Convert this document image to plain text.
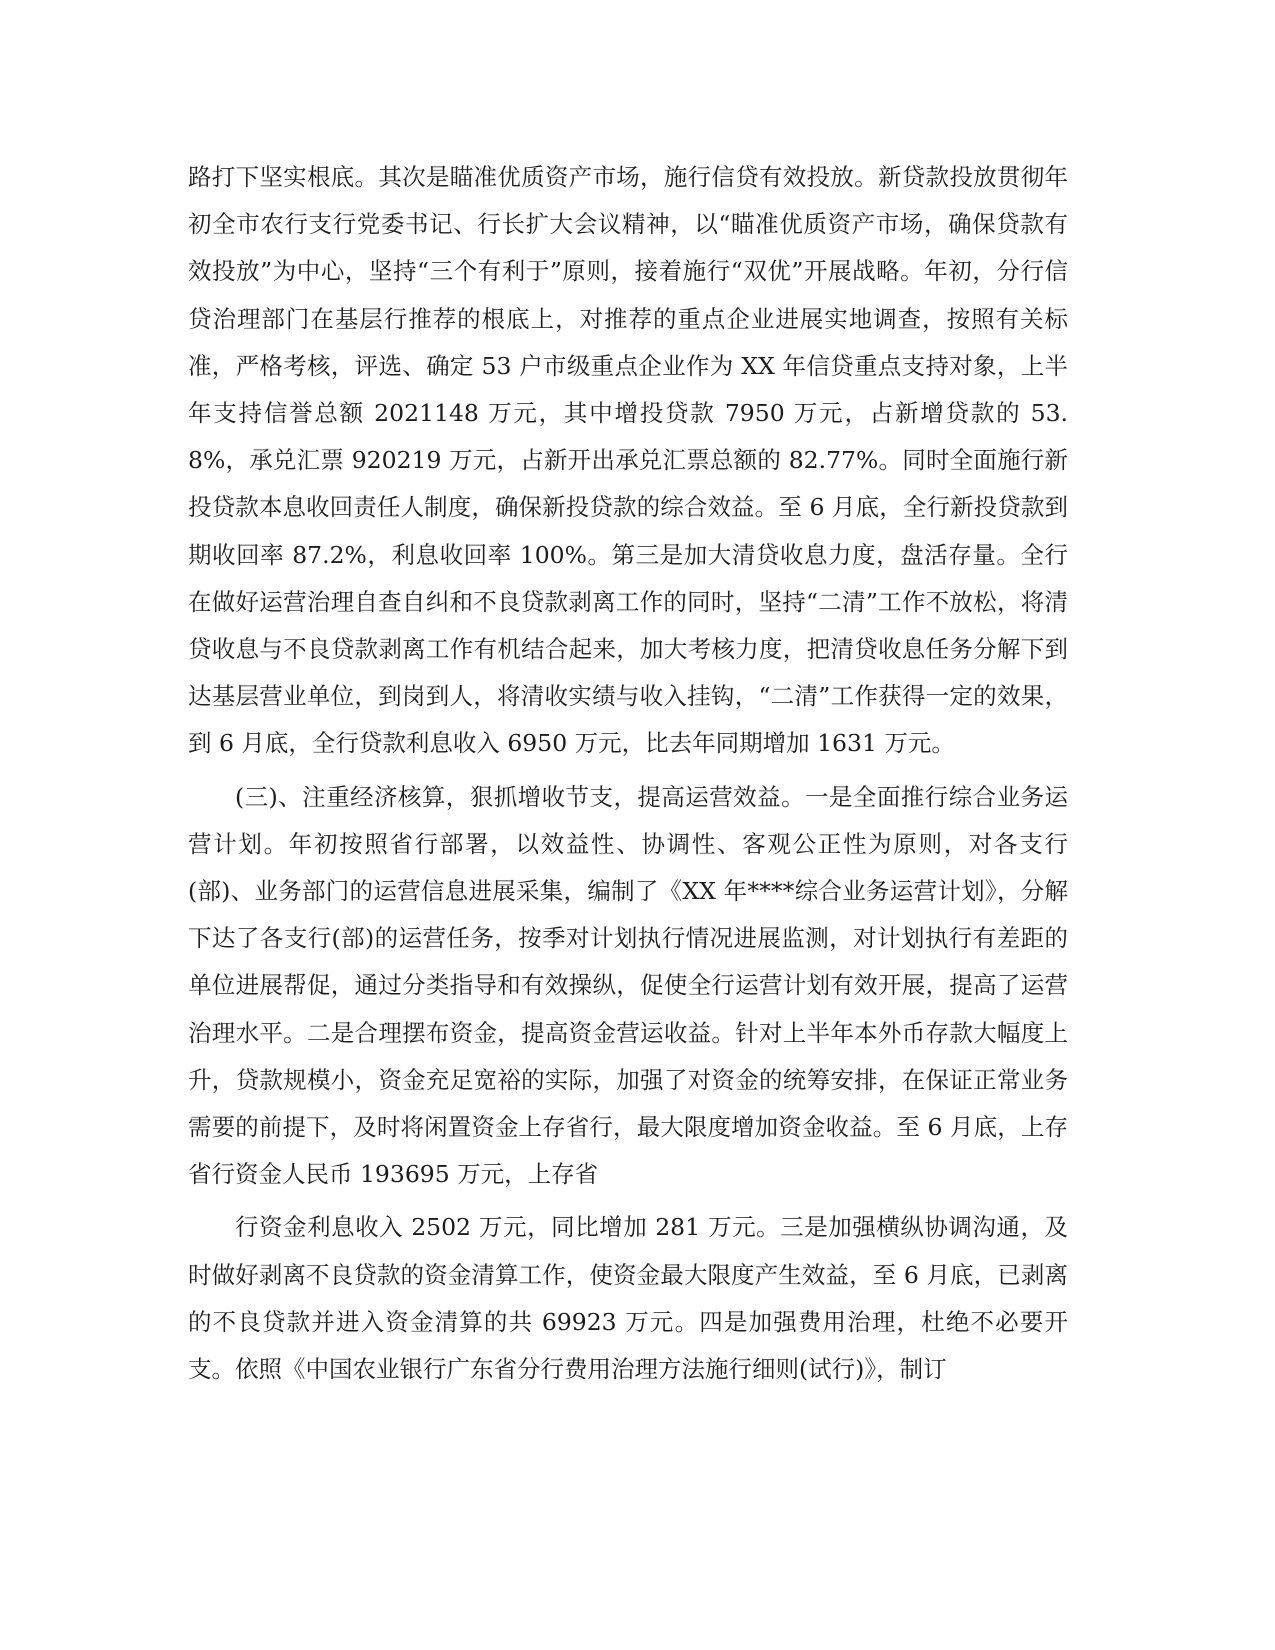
路打下坚实根底。其次是瞄准优质资产市场，施行信贷有效投放。新贷款投放贯彻年初全市农行支行党委书记、行长扩大会议精神，以“瞄准优质资产市场，确保贷款有效投放”为中心，坚持“三个有利于”原则，接着施行“双优”开展战略。年初，分行信贷治理部门在基层行推荐的根底上，对推荐的重点企业进展实地调查，按照有关标准，严格考核，评选、确定 53 户市级重点企业作为 XX 年信贷重点支持对象，上半年支持信誉总额 2021148 万元，其中增投贷款 7950 万元，占新增贷款的 53.8%，承兑汇票 920219 万元，占新开出承兑汇票总额的 82.77%。同时全面施行新投贷款本息收回责任人制度，确保新投贷款的综合效益。至 6 月底，全行新投贷款到期收回率 87.2%，利息收回率 100%。第三是加大清贷收息力度，盘活存量。全行在做好运营治理自查自纠和不良贷款剥离工作的同时，坚持“二清”工作不放松，将清贷收息与不良贷款剥离工作有机结合起来，加大考核力度，把清贷收息任务分解下到达基层营业单位，到岗到人，将清收实绩与收入挂钩，“二清”工作获得一定的效果，到 6 月底，全行贷款利息收入 6950 万元，比去年同期增加 1631 万元。

(三)、注重经济核算，狠抓增收节支，提高运营效益。一是全面推行综合业务运营计划。年初按照省行部署，以效益性、协调性、客观公正性为原则，对各支行(部)、业务部门的运营信息进展采集，编制了《XX 年****综合业务运营计划》，分解下达了各支行(部)的运营任务，按季对计划执行情况进展监测，对计划执行有差距的单位进展帮促，通过分类指导和有效操纵，促使全行运营计划有效开展，提高了运营治理水平。二是合理摆布资金，提高资金营运收益。针对上半年本外币存款大幅度上升，贷款规模小，资金充足宽裕的实际，加强了对资金的统筹安排，在保证正常业务需要的前提下，及时将闲置资金上存省行，最大限度增加资金收益。至 6 月底，上存省行资金人民币 193695 万元，上存省

行资金利息收入 2502 万元，同比增加 281 万元。三是加强横纵协调沟通，及时做好剥离不良贷款的资金清算工作，使资金最大限度产生效益，至 6 月底，已剥离的不良贷款并进入资金清算的共 69923 万元。四是加强费用治理，杜绝不必要开支。依照《中国农业银行广东省分行费用治理方法施行细则(试行)》，制订
